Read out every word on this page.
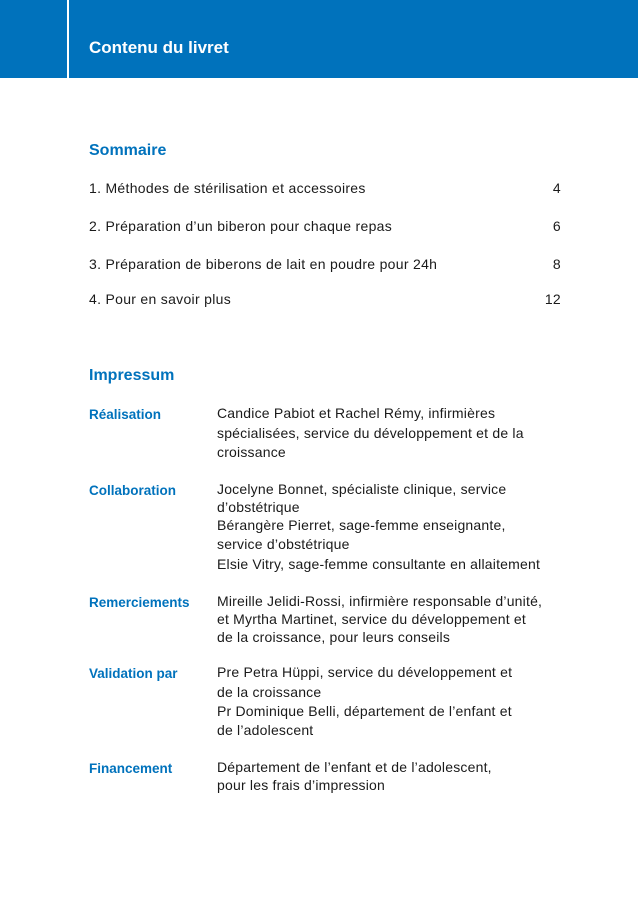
Contenu du livret
Sommaire
1. Méthodes de stérilisation et accessoires	4
2. Préparation d’un biberon pour chaque repas	6
3. Préparation de biberons de lait en poudre pour 24h	8
4. Pour en savoir plus	12
Impressum
Réalisation	Candice Pabiot et Rachel Rémy, infirmières
spécialisées, service du développement et de la
croissance
Collaboration	Jocelyne Bonnet, spécialiste clinique, service
d’obstétrique
Bérangère Pierret, sage-femme enseignante,
service d’obstétrique
Elsie Vitry, sage-femme consultante en allaitement
Remerciements Mireille Jelidi-Rossi, infirmière responsable d’unité,
et Myrtha Martinet, service du développement et
de la croissance, pour leurs conseils
Validation par	Pre Petra Hüppi, service du développement et
de la croissance
Pr Dominique Belli, département de l’enfant et
de l’adolescent
Financement	Département de l’enfant et de l’adolescent,
pour les frais d’impression
